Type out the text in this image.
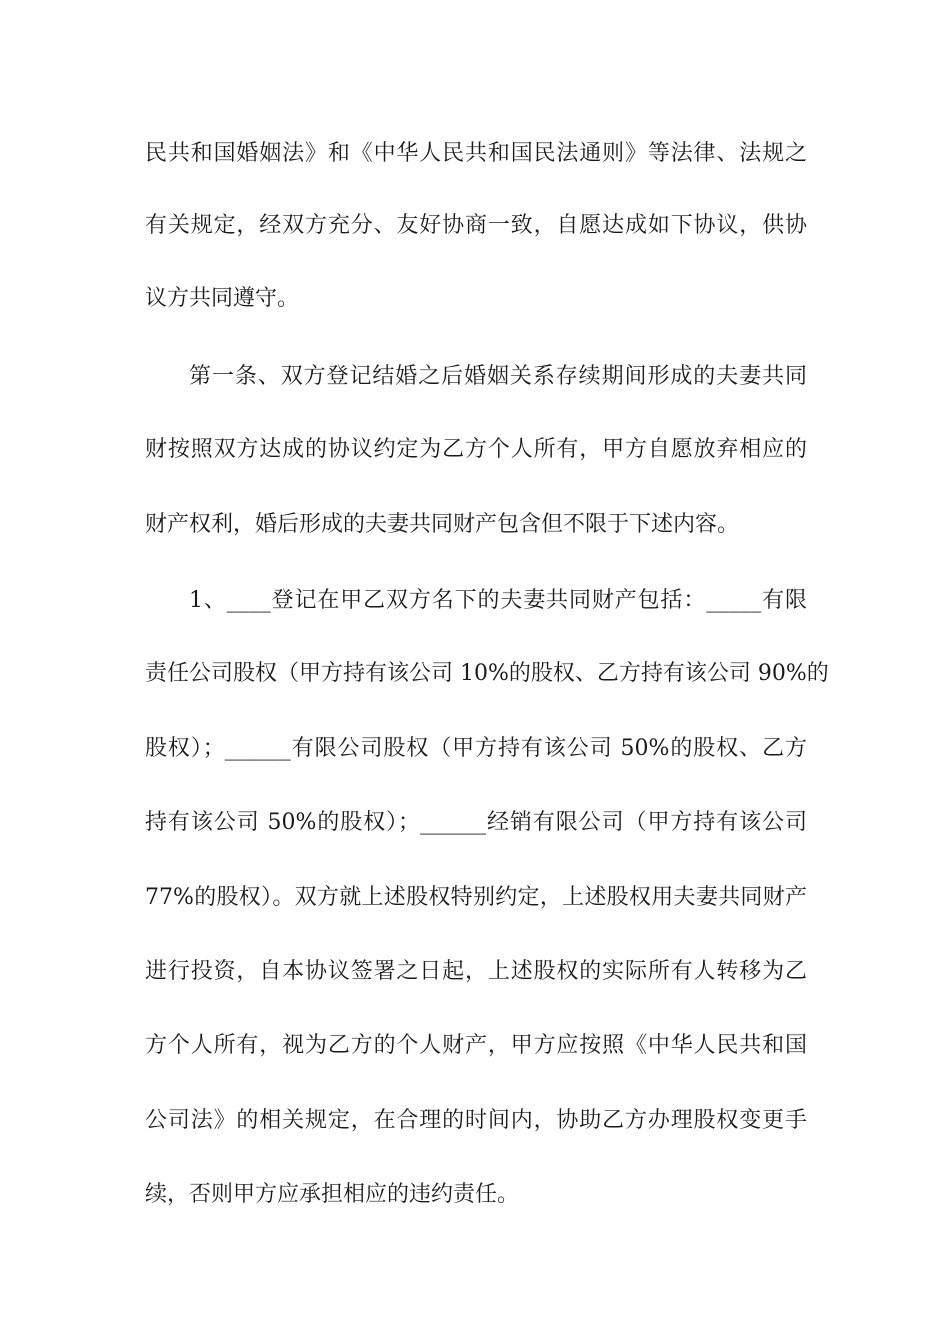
民共和国婚姻法》和《中华人民共和国民法通则》等法律、法规之
有关规定，经双方充分、友好协商一致，自愿达成如下协议，供协
议方共同遵守。
第一条、双方登记结婚之后婚姻关系存续期间形成的夫妻共同
财按照双方达成的协议约定为乙方个人所有，甲方自愿放弃相应的
财产权利，婚后形成的夫妻共同财产包含但不限于下述内容。
1、____登记在甲乙双方名下的夫妻共同财产包括：_____有限
责任公司股权（甲方持有该公司 10%的股权、乙方持有该公司 90%的
股权）；______有限公司股权（甲方持有该公司 50%的股权、乙方
持有该公司 50%的股权）；______经销有限公司（甲方持有该公司
77%的股权）。双方就上述股权特别约定，上述股权用夫妻共同财产
进行投资，自本协议签署之日起，上述股权的实际所有人转移为乙
方个人所有，视为乙方的个人财产，甲方应按照《中华人民共和国
公司法》的相关规定，在合理的时间内，协助乙方办理股权变更手
续，否则甲方应承担相应的违约责任。
